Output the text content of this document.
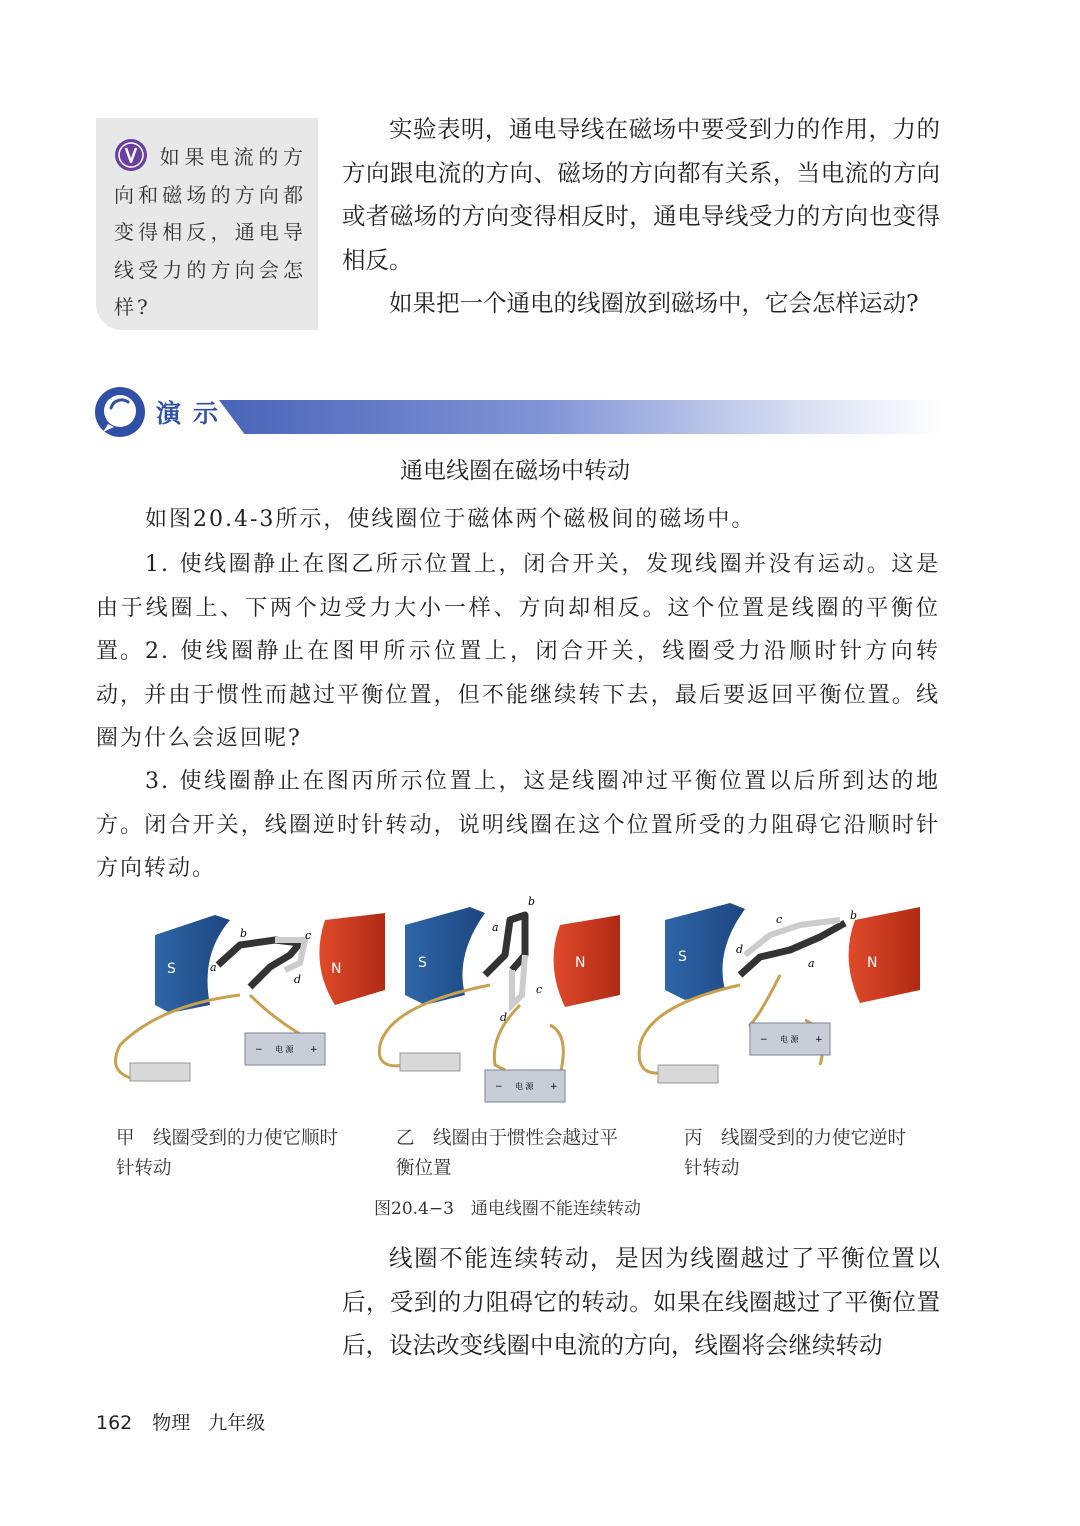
如果电流的方向和磁场的方向都变得相反，通电导线受力的方向会怎样?

实验表明，通电导线在磁场中要受到力的作用，力的方向跟电流的方向、磁场的方向都有关系，当电流的方向或者磁场的方向变得相反时，通电导线受力的方向也变得相反。

如果把一个通电的线圈放到磁场中，它会怎样运动?

演示
通电线圈在磁场中转动

如图20.4-3所示，使线圈位于磁体两个磁极间的磁场中。

1. 使线圈静止在图乙所示位置上，闭合开关，发现线圈并没有运动。这是由于线圈上、下两个边受力大小一样、方向却相反。这个位置是线圈的平衡位置。 2. 使线圈静止在图甲所示位置上，闭合开关，线圈受力沿顺时针方向转动，并由于惯性而越过平衡位置，但不能继续转下去，最后要返回平衡位置。线圈为什么会返回呢?

3. 使线圈静止在图丙所示位置上，这是线圈冲过平衡位置以后所到达的地方。闭合开关，线圈逆时针转动，说明线圈在这个位置所受的力阻碍它沿顺时针方向转动。

S	N
b	c
a
d
− 电 源 +
S	N
b
a
c
d
− 电 源 +
S	N
c	b
d
a
− 电 源 +
甲　线圈受到的力使它顺时针转动
乙　线圈由于惯性会越过平衡位置
丙　线圈受到的力使它逆时针转动
图20.4−3　通电线圈不能连续转动

线圈不能连续转动，是因为线圈越过了平衡位置以后，受到的力阻碍它的转动。如果在线圈越过了平衡位置后，设法改变线圈中电流的方向，线圈将会继续转动

162 物理 九年级
